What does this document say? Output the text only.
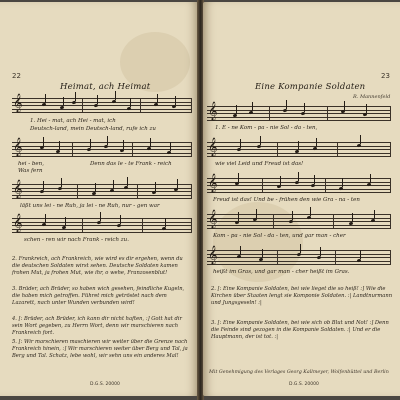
22
Heimat, ach Heimat
𝄞
1. Hei - mat, ach Hei - mat, ich
Deutsch-land, mein Deutsch-land, rufe ich zu
𝄞
hei - ben,
Was fern
Denn das le - te Frank - reich
𝄞
läßt uns lei - ne Ruh, ja lei - ne Ruh, nur - gen war
𝄞
schen - ren wir nach Frank - reich zu.
2. Frankreich, ach Frankreich, wie wird es dir ergehen, wenn du die deutschen Soldaten wirst sehen. Deutsche Soldaten kamen frohen Mut, ja frohen Mut, wie ihr, o wehe, Franzosenblut!
3. Brüder, ach Brüder, so haben wich gesehen, feindliche Kugeln, die haben mich getroffen. Führet mich getröstet nach dem Lazarett, nach unter Wunden verbunden wird!
4. [: Brüder, ach Brüder, ich kann dir nicht haften, :] Gott hat dir sein Wort gegeben, zu Herrn Wort, denn wir marschieren nach Frankreich fort.
5. [: Wir marschieren maschieren wir weiter über die Grenze nach Frankreich hinein, :] Wir marschieren weiter über Berg und Tal, ja Berg und Tal. Schatz, lebe wohl, wir sehn uns ein anderes Mal!
D.G.S. 20000
23
Eine Kompanie Soldaten
R. Mannenfeld
𝄞
1. E - ne Kom - pa - nie Sol - da - ten,
𝄞
wie viel Leid und Freud ist das!
𝄞
Freud ist das! Und be - frühen den wie Gra - na - ten
𝄞
Kom - pa - nie Sol - da - ten, und gar man - cher
𝄞
heißt im Gras, und gar man - cher heißt im Gras.
2. [: Eine Kompanie Soldaten, bei wie lieget die so heiß! :] Wie die Kirchen über Staaten lengt sie Komponie Soldaten. :| Landtnurmann und Jungsgeseln! :|
3. [: Eine Kompanie Soldaten, bei wie sich ob Blut und Not! :] Denn die Feinde sind gezogen in die Kompanie Soldaten. :| Und er die Hauptmann, der ist tot. :|
Mit Genehmigung des Verlages Georg Kallmeyer, Wolfenbüttel und Berlin
D.G.S. 20000
